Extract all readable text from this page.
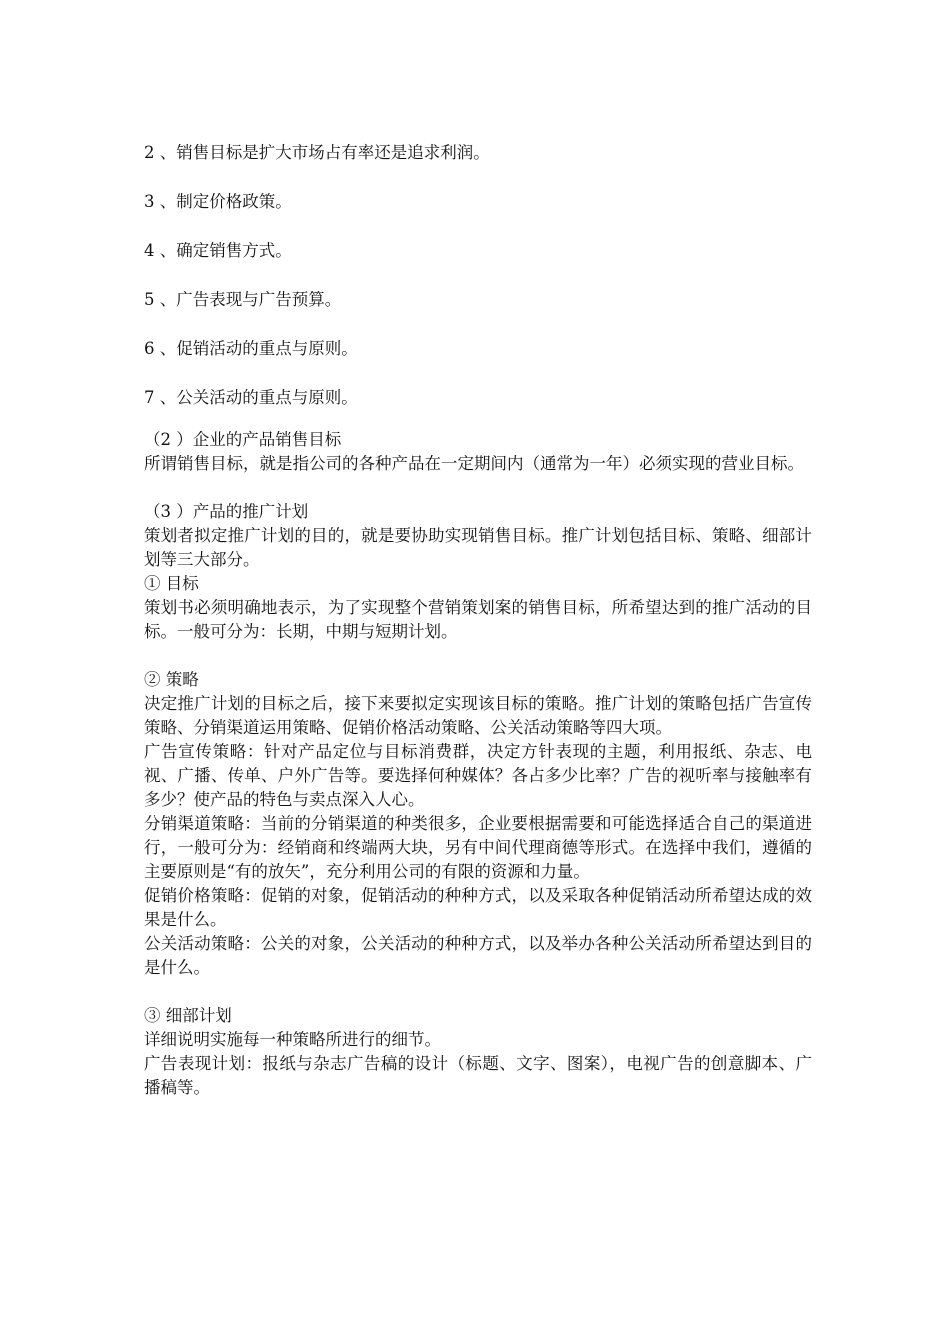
2 、销售目标是扩大市场占有率还是追求利润。

3 、制定价格政策。

4 、确定销售方式。

5 、广告表现与广告预算。

6 、促销活动的重点与原则。

7 、公关活动的重点与原则。

（2 ）企业的产品销售目标

所谓销售目标，就是指公司的各种产品在一定期间内（通常为一年）必须实现的营业目标。

（3 ）产品的推广计划

策划者拟定推广计划的目的，就是要协助实现销售目标。推广计划包括目标、策略、细部计划等三大部分。

① 目标

策划书必须明确地表示，为了实现整个营销策划案的销售目标，所希望达到的推广活动的目标。一般可分为：长期，中期与短期计划。

② 策略

决定推广计划的目标之后，接下来要拟定实现该目标的策略。推广计划的策略包括广告宣传策略、分销渠道运用策略、促销价格活动策略、公关活动策略等四大项。

广告宣传策略：针对产品定位与目标消费群，决定方针表现的主题，利用报纸、杂志、电视、广播、传单、户外广告等。要选择何种媒体？各占多少比率？广告的视听率与接触率有多少？使产品的特色与卖点深入人心。

分销渠道策略：当前的分销渠道的种类很多，企业要根据需要和可能选择适合自己的渠道进行，一般可分为：经销商和终端两大块，另有中间代理商德等形式。在选择中我们，遵循的主要原则是“有的放矢”，充分利用公司的有限的资源和力量。

促销价格策略：促销的对象，促销活动的种种方式，以及采取各种促销活动所希望达成的效果是什么。

公关活动策略：公关的对象，公关活动的种种方式，以及举办各种公关活动所希望达到目的是什么。

③ 细部计划

详细说明实施每一种策略所进行的细节。

广告表现计划：报纸与杂志广告稿的设计（标题、文字、图案），电视广告的创意脚本、广播稿等。
